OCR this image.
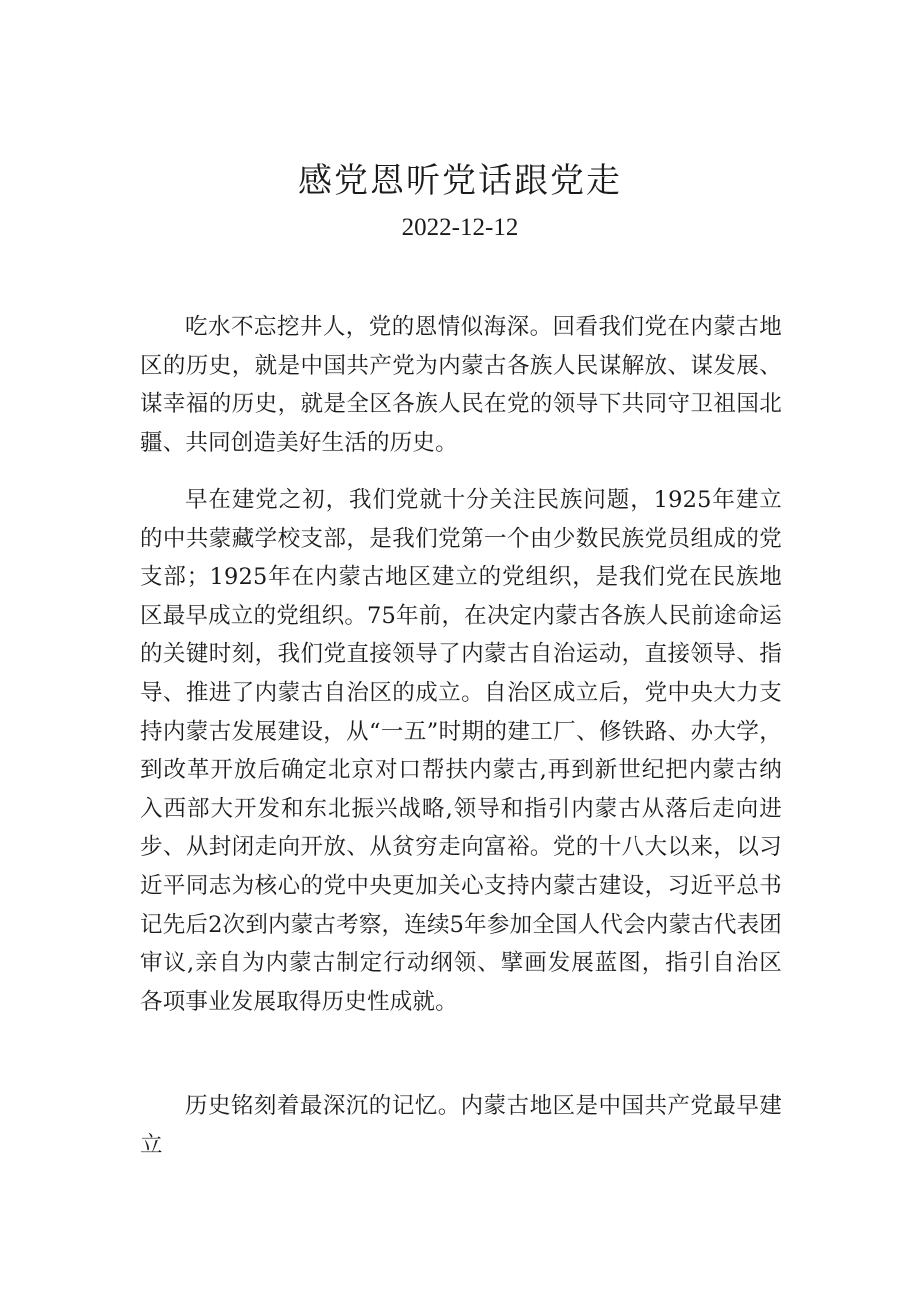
感党恩听党话跟党走
2022-12-12

吃水不忘挖井人，党的恩情似海深。回看我们党在内蒙古地区的历史，就是中国共产党为内蒙古各族人民谋解放、谋发展、谋幸福的历史，就是全区各族人民在党的领导下共同守卫祖国北疆、共同创造美好生活的历史。

早在建党之初，我们党就十分关注民族问题，1925年建立的中共蒙藏学校支部，是我们党第一个由少数民族党员组成的党支部；1925年在内蒙古地区建立的党组织，是我们党在民族地区最早成立的党组织。75年前，在决定内蒙古各族人民前途命运的关键时刻，我们党直接领导了内蒙古自治运动，直接领导、指导、推进了内蒙古自治区的成立。自治区成立后，党中央大力支持内蒙古发展建设，从“一五”时期的建工厂、修铁路、办大学，到改革开放后确定北京对口帮扶内蒙古,再到新世纪把内蒙古纳入西部大开发和东北振兴战略,领导和指引内蒙古从落后走向进步、从封闭走向开放、从贫穷走向富裕。党的十八大以来，以习近平同志为核心的党中央更加关心支持内蒙古建设，习近平总书记先后2次到内蒙古考察，连续5年参加全国人代会内蒙古代表团审议,亲自为内蒙古制定行动纲领、擘画发展蓝图，指引自治区各项事业发展取得历史性成就。

历史铭刻着最深沉的记忆。内蒙古地区是中国共产党最早建立
